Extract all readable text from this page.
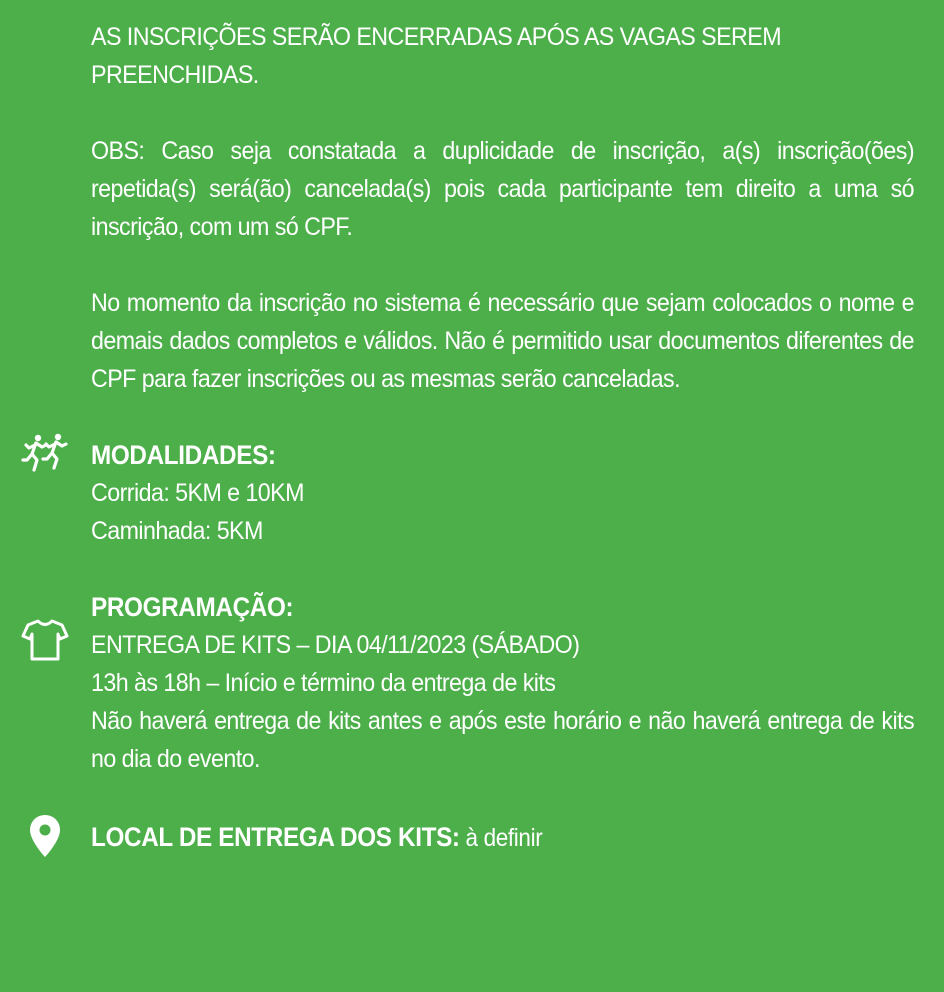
AS INSCRIÇÕES SERÃO ENCERRADAS APÓS AS VAGAS SEREM PREENCHIDAS.

OBS: Caso seja constatada a duplicidade de inscrição, a(s) inscrição(ões) repetida(s) será(ão) cancelada(s) pois cada participante tem direito a uma só inscrição, com um só CPF.

No momento da inscrição no sistema é necessário que sejam colocados o nome e demais dados completos e válidos. Não é permitido usar documentos diferentes de CPF para fazer inscrições ou as mesmas serão canceladas.

MODALIDADES:

Corrida: 5KM e 10KM

Caminhada: 5KM

PROGRAMAÇÃO:

ENTREGA DE KITS – DIA 04/11/2023 (SÁBADO)

13h às 18h – Início e término da entrega de kits

Não haverá entrega de kits antes e após este horário e não haverá entrega de kits no dia do evento.

LOCAL DE ENTREGA DOS KITS: à definir
